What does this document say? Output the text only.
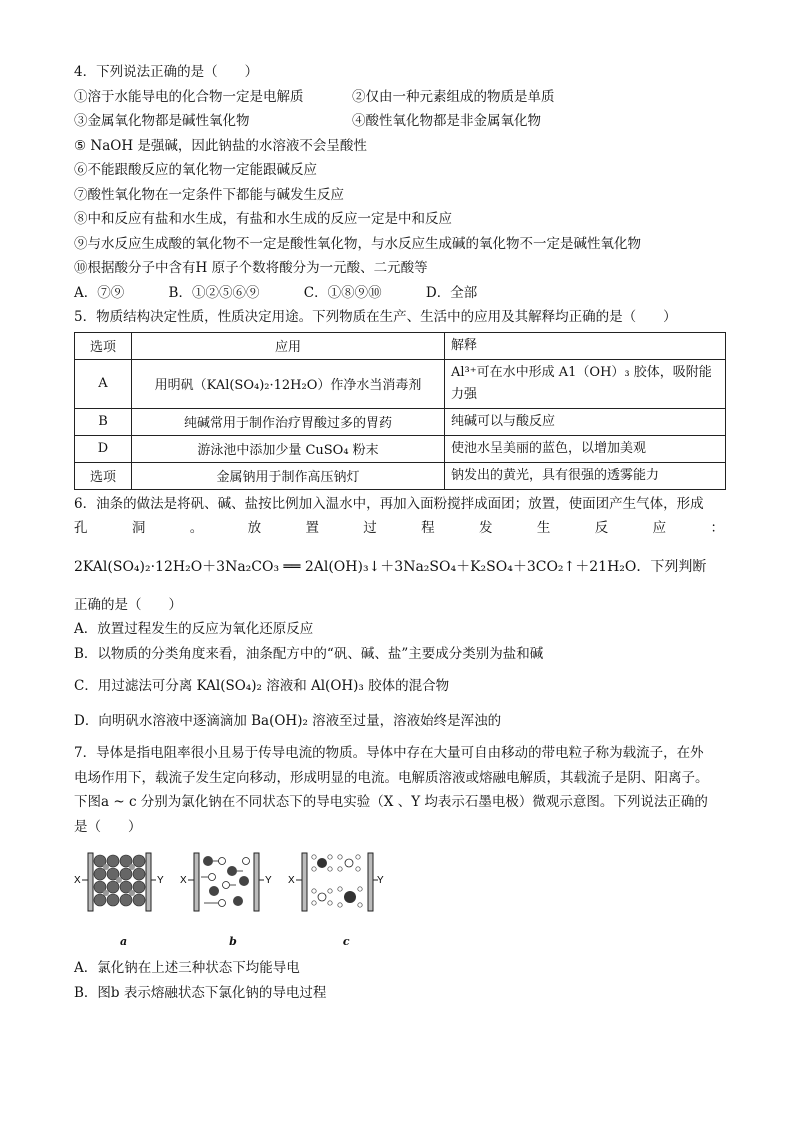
4．下列说法正确的是（　　）
①溶于水能导电的化合物一定是电解质	②仅由一种元素组成的物质是单质
③金属氧化物都是碱性氧化物	④酸性氧化物都是非金属氧化物
⑤ NaOH 是强碱，因此钠盐的水溶液不会呈酸性
⑥不能跟酸反应的氧化物一定能跟碱反应
⑦酸性氧化物在一定条件下都能与碱发生反应
⑧中和反应有盐和水生成，有盐和水生成的反应一定是中和反应
⑨与水反应生成酸的氧化物不一定是酸性氧化物，与水反应生成碱的氧化物不一定是碱性氧化物
⑩根据酸分子中含有H 原子个数将酸分为一元酸、二元酸等
A．⑦⑨	B．①②⑤⑥⑨	C．①⑧⑨⑩	D．全部
5．物质结构决定性质，性质决定用途。下列物质在生产、生活中的应用及其解释均正确的是（　　）
选项	应用	解释
A	用明矾（KAl(SO₄)₂·12H₂O）作净水当消毒剂	Al³⁺可在水中形成 A1（OH）₃ 胶体，吸附能力强
B	纯碱常用于制作治疗胃酸过多的胃药	纯碱可以与酸反应
D	游泳池中添加少量 CuSO₄ 粉末	使池水呈美丽的蓝色，以增加美观
选项	金属钠用于制作高压钠灯	钠发出的黄光，具有很强的透雾能力
6．油条的做法是将矾、碱、盐按比例加入温水中，再加入面粉搅拌成面团；放置，使面团产生气体，形成
孔	洞	。	放	置	过	程	发	生	反	应	：
2KAl(SO₄)₂·12H₂O＋3Na₂CO₃ ══ 2Al(OH)₃↓＋3Na₂SO₄＋K₂SO₄＋3CO₂↑＋21H₂O．下列判断
正确的是（　　）
A．放置过程发生的反应为氧化还原反应
B．以物质的分类角度来看，油条配方中的“矾、碱、盐”主要成分类别为盐和碱
C．用过滤法可分离 KAl(SO₄)₂ 溶液和 Al(OH)₃ 胶体的混合物
D．向明矾水溶液中逐滴滴加 Ba(OH)₂ 溶液至过量，溶液始终是浑浊的
7．导体是指电阻率很小且易于传导电流的物质。导体中存在大量可自由移动的带电粒子称为载流子，在外
电场作用下，载流子发生定向移动，形成明显的电流。电解质溶液或熔融电解质，其载流子是阴、阳离子。
下图a ~ c 分别为氯化钠在不同状态下的导电实验（X 、Y 均表示石墨电极）微观示意图。下列说法正确的
是（　　）
X	Y X	Y X	Y
a	b	c
A．氯化钠在上述三种状态下均能导电
B．图b 表示熔融状态下氯化钠的导电过程
